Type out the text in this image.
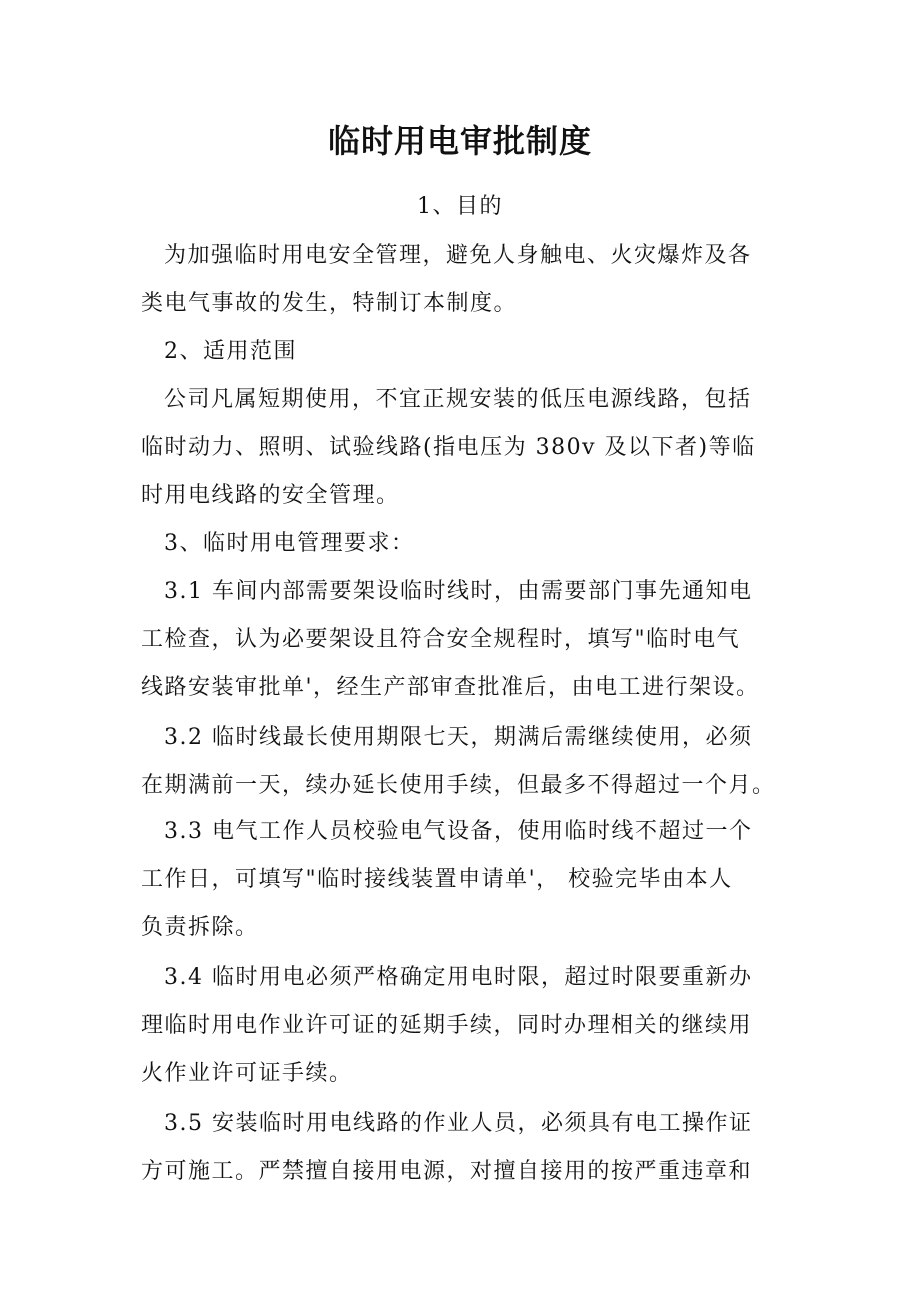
临时用电审批制度
1、目的
为加强临时用电安全管理，避免人身触电、火灾爆炸及各
类电气事故的发生，特制订本制度。
2、适用范围
公司凡属短期使用，不宜正规安装的低压电源线路，包括
临时动力、照明、试验线路(指电压为 380v 及以下者)等临
时用电线路的安全管理。
3、临时用电管理要求：
3.1 车间内部需要架设临时线时，由需要部门事先通知电
工检查，认为必要架设且符合安全规程时，填写"临时电气
线路安装审批单'，经生产部审查批准后，由电工进行架设。
3.2 临时线最长使用期限七天，期满后需继续使用，必须
在期满前一天，续办延长使用手续，但最多不得超过一个月。
3.3 电气工作人员校验电气设备，使用临时线不超过一个
工作日，可填写"临时接线装置申请单'， 校验完毕由本人
负责拆除。
3.4 临时用电必须严格确定用电时限，超过时限要重新办
理临时用电作业许可证的延期手续，同时办理相关的继续用
火作业许可证手续。
3.5 安装临时用电线路的作业人员，必须具有电工操作证
方可施工。严禁擅自接用电源，对擅自接用的按严重违章和
